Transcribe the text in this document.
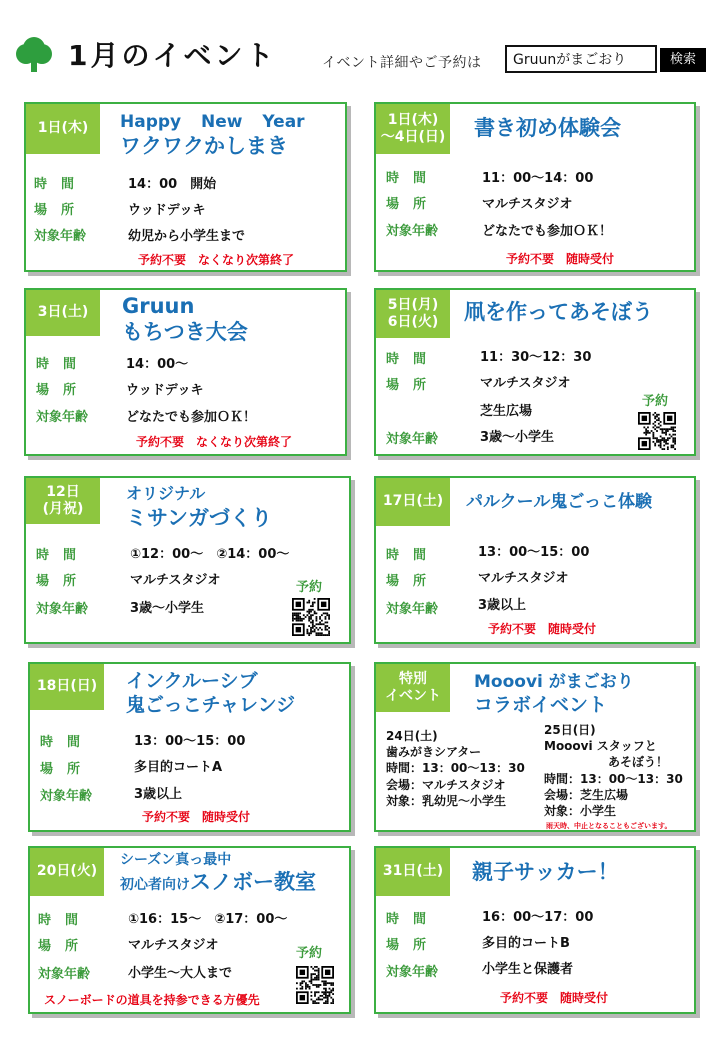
1月のイベント	イベント詳細やご予約は
Gruunがまごおり	検索
1日(木)	Happy New Year
ワクワクかしまき
時間	14：00　開始
場所	ウッドデッキ
対象年齢	幼児から小学生まで
予約不要　なくなり次第終了
1日(木)
～4日(日) 書き初め体験会
時間	11：00～14：00
場所	マルチスタジオ
対象年齢	どなたでも参加ＯＫ！
予約不要　随時受付
3日(土)	Gruun
もちつき大会
時間	14：00～
場所	ウッドデッキ
対象年齢	どなたでも参加ＯＫ！
予約不要　なくなり次第終了
5日(月)
6日(火) 凧を作ってあそぼう
時間	11：30～12：30
場所	マルチスタジオ
芝生広場
対象年齢	3歳～小学生
予約
12日
(月祝)
オリジナル
ミサンガづくり
時間	①12：00～　②14：00～
場所	マルチスタジオ
対象年齢	3歳～小学生
予約
17日(土)	パルクール鬼ごっこ体験
時間	13：00～15：00
場所	マルチスタジオ
対象年齢	3歳以上
予約不要　随時受付
18日(日)	インクルーシブ
鬼ごっこチャレンジ
時間	13：00～15：00
場所	多目的コートA
対象年齢	3歳以上
予約不要　随時受付
特別
イベント
Mooovi がまごおり
コラボイベント
24日(土)
歯みがきシアター
時間：13：00～13：30
会場：マルチスタジオ
対象：乳幼児～小学生
25日(日)
Mooovi スタッフと
あそぼう！
時間：13：00～13：30
会場：芝生広場
対象：小学生
雨天時、中止となることもございます。
20日(火)
シーズン真っ最中
初心者向けスノボー教室
時間	①16：15～　②17：00～
場所	マルチスタジオ
対象年齢	小学生～大人まで
スノーボードの道具を持参できる方優先
予約
31日(土)	親子サッカー！
時間	16：00～17：00
場所	多目的コートB
対象年齢	小学生と保護者
予約不要　随時受付
